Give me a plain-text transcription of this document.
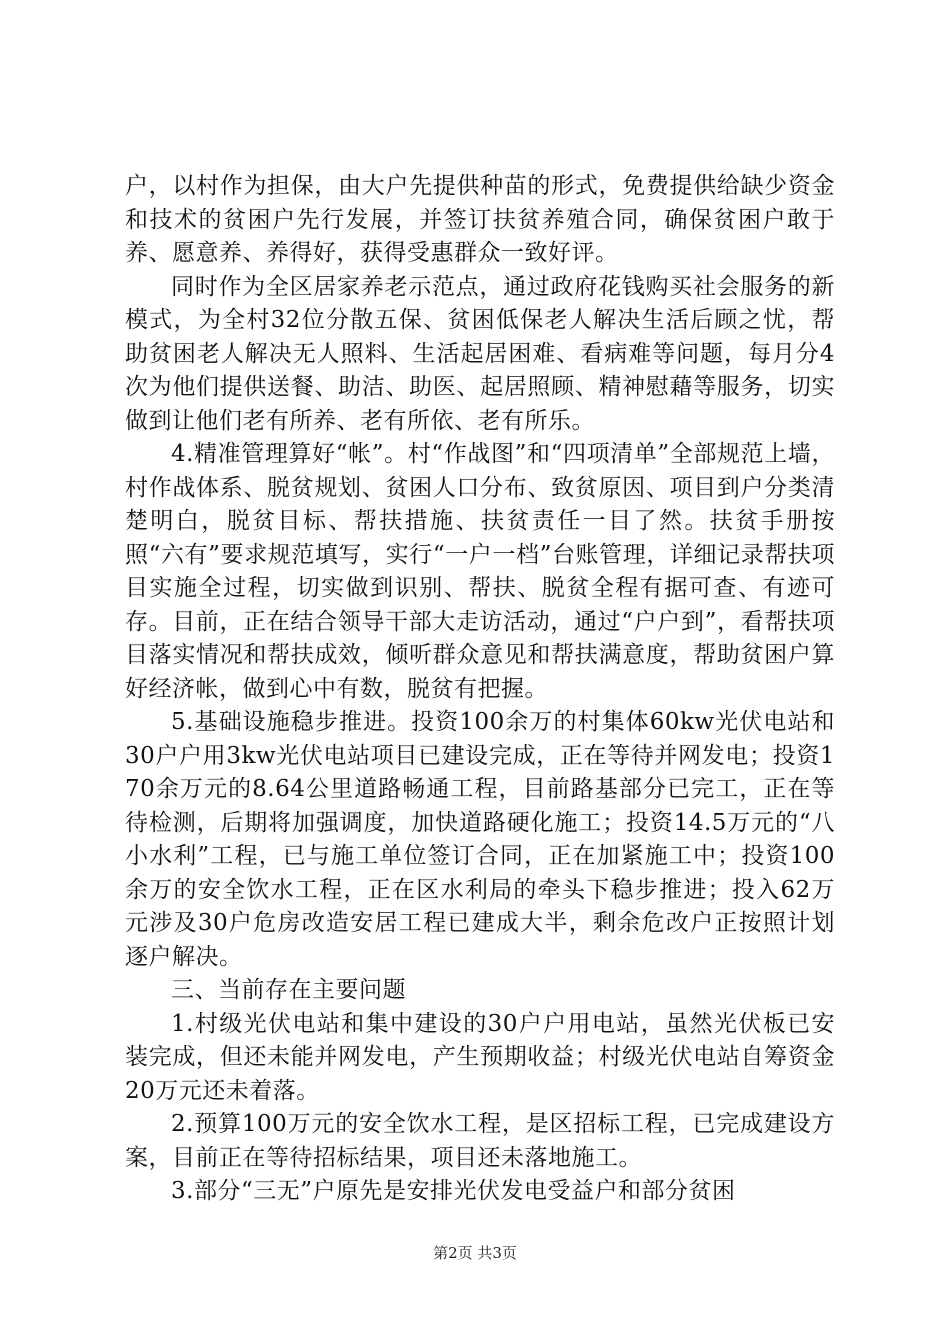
户，以村作为担保，由大户先提供种苗的形式，免费提供给缺少资金和技术的贫困户先行发展，并签订扶贫养殖合同，确保贫困户敢于养、愿意养、养得好，获得受惠群众一致好评。

同时作为全区居家养老示范点，通过政府花钱购买社会服务的新模式，为全村32位分散五保、贫困低保老人解决生活后顾之忧，帮助贫困老人解决无人照料、生活起居困难、看病难等问题，每月分4次为他们提供送餐、助洁、助医、起居照顾、精神慰藉等服务，切实做到让他们老有所养、老有所依、老有所乐。

4.精准管理算好“帐”。村“作战图”和“四项清单”全部规范上墙，村作战体系、脱贫规划、贫困人口分布、致贫原因、项目到户分类清楚明白，脱贫目标、帮扶措施、扶贫责任一目了然。扶贫手册按照“六有”要求规范填写，实行“一户一档”台账管理，详细记录帮扶项目实施全过程，切实做到识别、帮扶、脱贫全程有据可查、有迹可存。目前，正在结合领导干部大走访活动，通过“户户到”，看帮扶项目落实情况和帮扶成效，倾听群众意见和帮扶满意度，帮助贫困户算好经济帐，做到心中有数，脱贫有把握。

5.基础设施稳步推进。投资100余万的村集体60kw光伏电站和30户户用3kw光伏电站项目已建设完成，正在等待并网发电；投资170余万元的8.64公里道路畅通工程，目前路基部分已完工，正在等待检测，后期将加强调度，加快道路硬化施工；投资14.5万元的“八小水利”工程，已与施工单位签订合同，正在加紧施工中；投资100余万的安全饮水工程，正在区水利局的牵头下稳步推进；投入62万元涉及30户危房改造安居工程已建成大半，剩余危改户正按照计划逐户解决。

三、当前存在主要问题

1.村级光伏电站和集中建设的30户户用电站，虽然光伏板已安装完成，但还未能并网发电，产生预期收益；村级光伏电站自筹资金20万元还未着落。

2.预算100万元的安全饮水工程，是区招标工程，已完成建设方案，目前正在等待招标结果，项目还未落地施工。

3.部分“三无”户原先是安排光伏发电受益户和部分贫困

第2页 共3页
